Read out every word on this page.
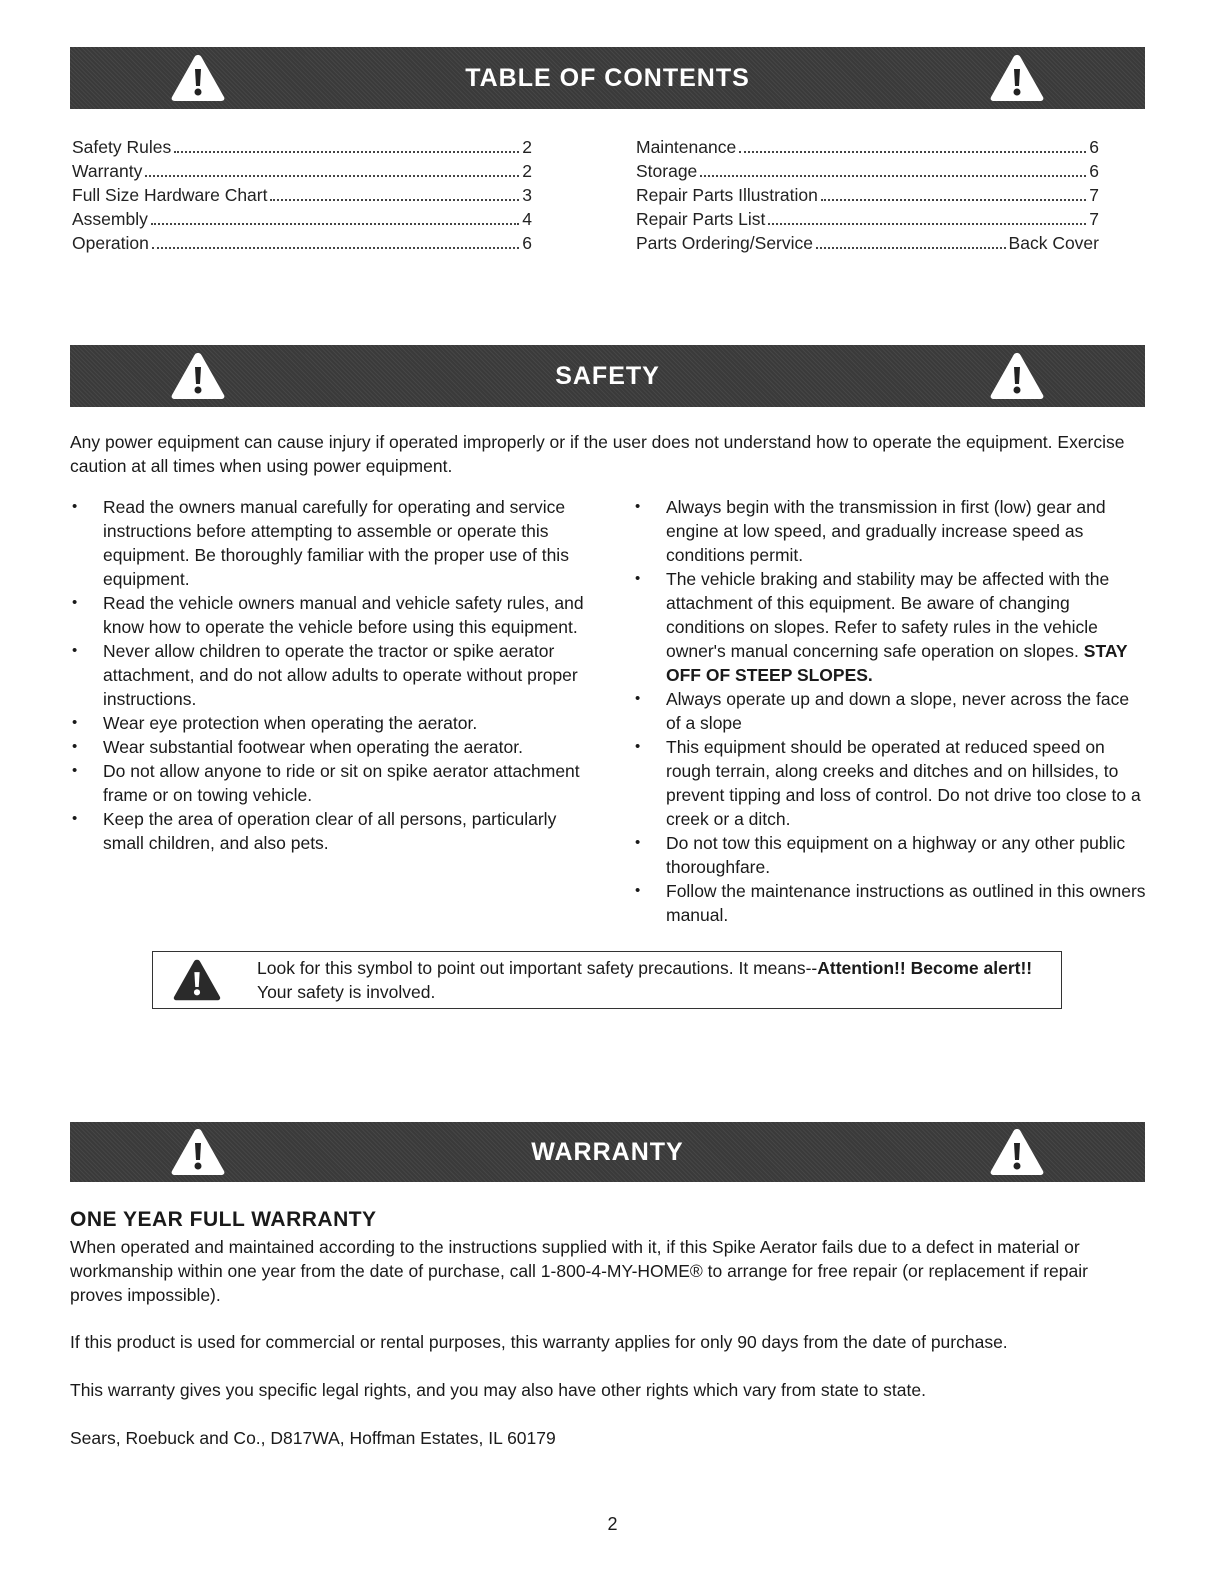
TABLE OF CONTENTS
Safety Rules	2
Warranty	2
Full Size Hardware Chart	3
Assembly	4
Operation	6
Maintenance	6
Storage	6
Repair Parts Illustration	7
Repair Parts List	7
Parts Ordering/Service	Back Cover
SAFETY
Any power equipment can cause injury if operated improperly or if the user does not understand how to operate the equipment. Exercise caution at all times when using power equipment.
• Read the owners manual carefully for operating and service instructions before attempting to assemble or operate this equipment. Be thoroughly familiar with the proper use of this equipment.
• Read the vehicle owners manual and vehicle safety rules, and know how to operate the vehicle before using this equipment.
• Never allow children to operate the tractor or spike aerator attachment, and do not allow adults to operate without proper instructions.
• Wear eye protection when operating the aerator.
• Wear substantial footwear when operating the aerator.
• Do not allow anyone to ride or sit on spike aerator attachment frame or on towing vehicle.
• Keep the area of operation clear of all persons, particularly small children, and also pets.
• Always begin with the transmission in first (low) gear and engine at low speed, and gradually increase speed as conditions permit.
• The vehicle braking and stability may be affected with the attachment of this equipment. Be aware of changing conditions on slopes. Refer to safety rules in the vehicle owner's manual concerning safe operation on slopes. STAY OFF OF STEEP SLOPES.
• Always operate up and down a slope, never across the face of a slope
• This equipment should be operated at reduced speed on rough terrain, along creeks and ditches and on hillsides, to prevent tipping and loss of control. Do not drive too close to a creek or a ditch.
• Do not tow this equipment on a highway or any other public thoroughfare.
• Follow the maintenance instructions as outlined in this owners manual.
Look for this symbol to point out important safety precautions. It means--Attention!! Become alert!! Your safety is involved.
WARRANTY
ONE YEAR FULL WARRANTY

When operated and maintained according to the instructions supplied with it, if this Spike Aerator fails due to a defect in material or workmanship within one year from the date of purchase, call 1-800-4-MY-HOME® to arrange for free repair (or replacement if repair proves impossible).

If this product is used for commercial or rental purposes, this warranty applies for only 90 days from the date of purchase.

This warranty gives you specific legal rights, and you may also have other rights which vary from state to state.

Sears, Roebuck and Co., D817WA, Hoffman Estates, IL 60179

2
